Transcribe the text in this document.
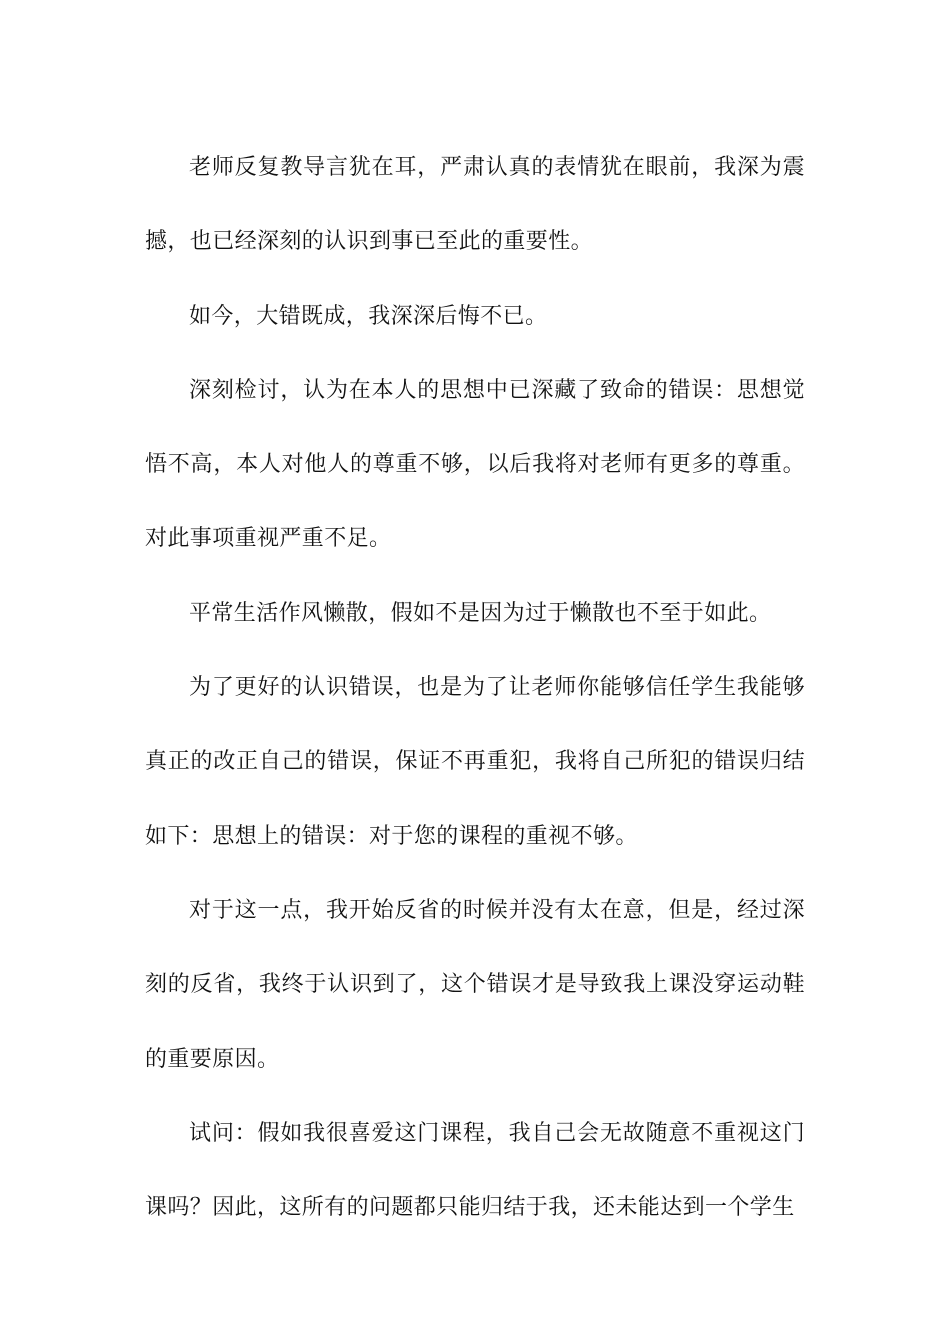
老师反复教导言犹在耳，严肃认真的表情犹在眼前，我深为震撼，也已经深刻的认识到事已至此的重要性。

如今，大错既成，我深深后悔不已。

深刻检讨，认为在本人的思想中已深藏了致命的错误：思想觉悟不高，本人对他人的尊重不够，以后我将对老师有更多的尊重。对此事项重视严重不足。

平常生活作风懒散，假如不是因为过于懒散也不至于如此。

为了更好的认识错误，也是为了让老师你能够信任学生我能够真正的改正自己的错误，保证不再重犯，我将自己所犯的错误归结如下：思想上的错误：对于您的课程的重视不够。

对于这一点，我开始反省的时候并没有太在意，但是，经过深刻的反省，我终于认识到了，这个错误才是导致我上课没穿运动鞋的重要原因。

试问：假如我很喜爱这门课程，我自己会无故随意不重视这门课吗？因此，这所有的问题都只能归结于我，还未能达到一个学生
